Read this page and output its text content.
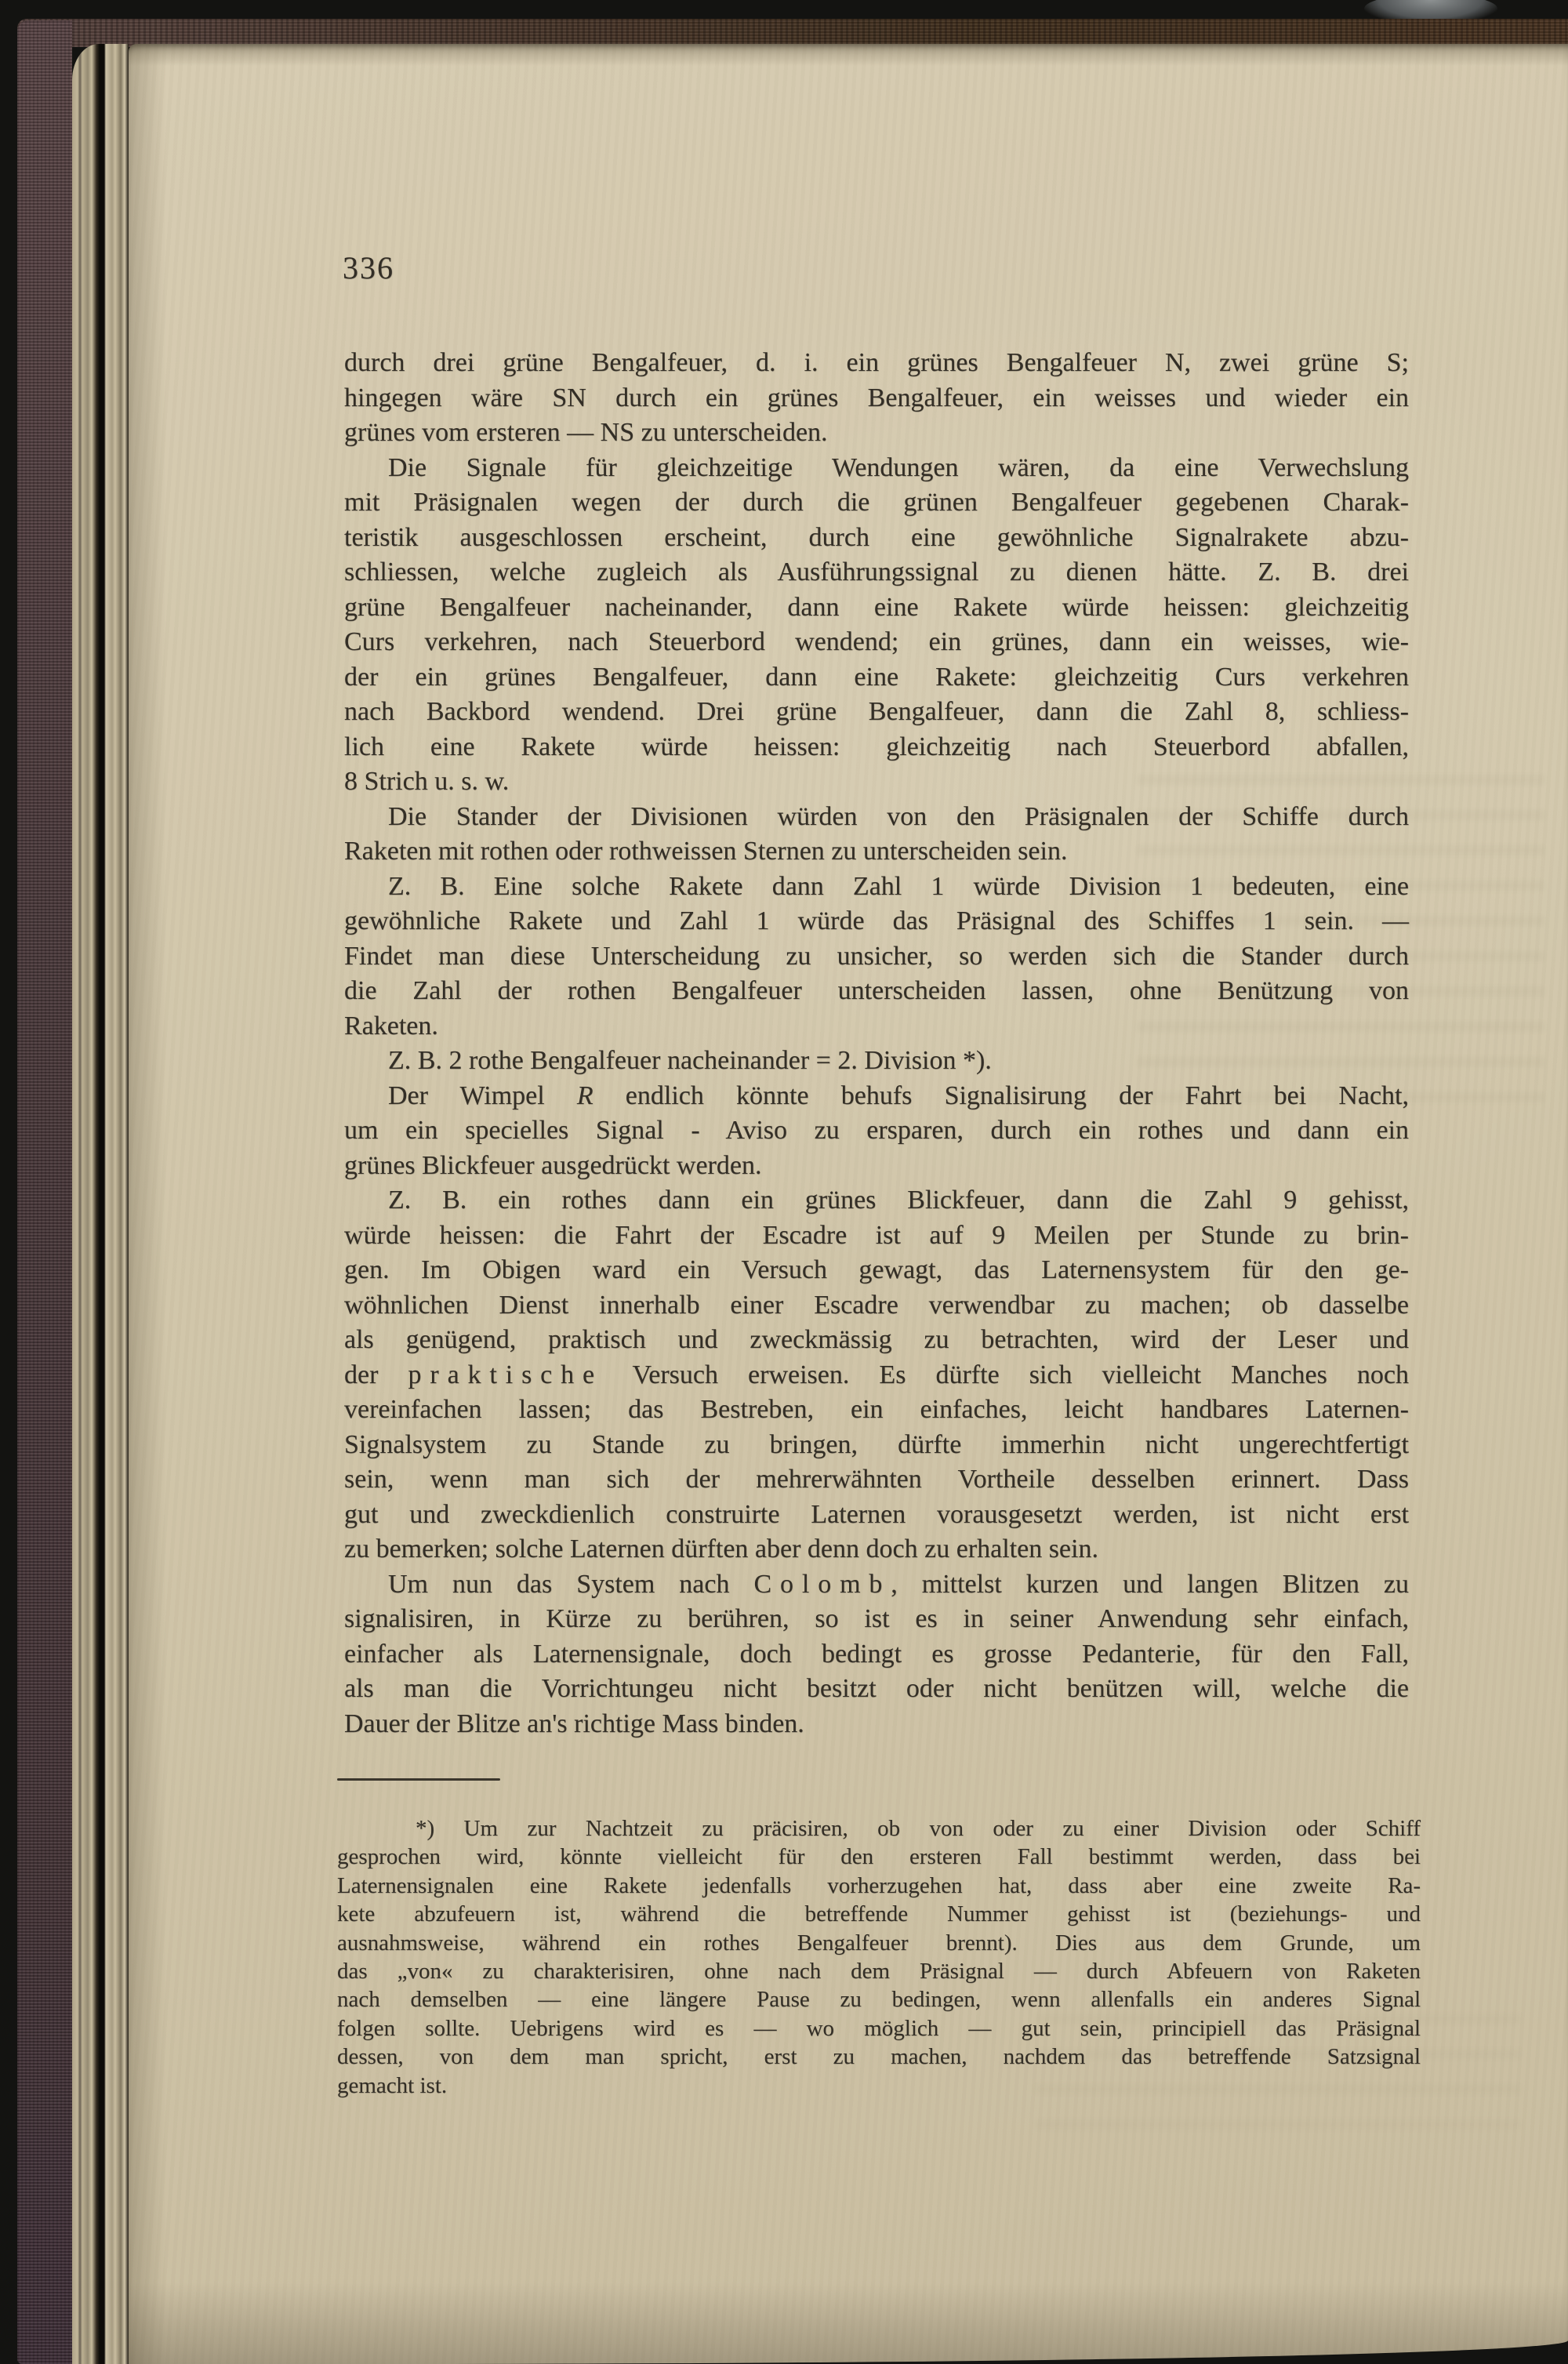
336
durch drei grüne Bengalfeuer, d. i. ein grünes Bengalfeuer N, zwei grüne S;
hingegen wäre SN durch ein grünes Bengalfeuer, ein weisses und wieder ein
grünes vom ersteren — NS zu unterscheiden.
Die Signale für gleichzeitige Wendungen wären, da eine Verwechslung
mit Präsignalen wegen der durch die grünen Bengalfeuer gegebenen Charak-
teristik ausgeschlossen erscheint, durch eine gewöhnliche Signalrakete abzu-
schliessen, welche zugleich als Ausführungssignal zu dienen hätte. Z. B. drei
grüne Bengalfeuer nacheinander, dann eine Rakete würde heissen: gleichzeitig
Curs verkehren, nach Steuerbord wendend; ein grünes, dann ein weisses, wie-
der ein grünes Bengalfeuer, dann eine Rakete: gleichzeitig Curs verkehren
nach Backbord wendend. Drei grüne Bengalfeuer, dann die Zahl 8, schliess-
lich eine Rakete würde heissen: gleichzeitig nach Steuerbord abfallen,
8 Strich u. s. w.
Die Stander der Divisionen würden von den Präsignalen der Schiffe durch
Raketen mit rothen oder rothweissen Sternen zu unterscheiden sein.
Z. B. Eine solche Rakete dann Zahl 1 würde Division 1 bedeuten, eine
gewöhnliche Rakete und Zahl 1 würde das Präsignal des Schiffes 1 sein. —
Findet man diese Unterscheidung zu unsicher, so werden sich die Stander durch
die Zahl der rothen Bengalfeuer unterscheiden lassen, ohne Benützung von
Raketen.
Z. B. 2 rothe Bengalfeuer nacheinander = 2. Division *).
Der Wimpel R endlich könnte behufs Signalisirung der Fahrt bei Nacht,
um ein specielles Signal - Aviso zu ersparen, durch ein rothes und dann ein
grünes Blickfeuer ausgedrückt werden.
Z. B. ein rothes dann ein grünes Blickfeuer, dann die Zahl 9 gehisst,
würde heissen: die Fahrt der Escadre ist auf 9 Meilen per Stunde zu brin-
gen. Im Obigen ward ein Versuch gewagt, das Laternensystem für den ge-
wöhnlichen Dienst innerhalb einer Escadre verwendbar zu machen; ob dasselbe
als genügend, praktisch und zweckmässig zu betrachten, wird der Leser und
der praktische Versuch erweisen. Es dürfte sich vielleicht Manches noch
vereinfachen lassen; das Bestreben, ein einfaches, leicht handbares Laternen-
Signalsystem zu Stande zu bringen, dürfte immerhin nicht ungerechtfertigt
sein, wenn man sich der mehrerwähnten Vortheile desselben erinnert. Dass
gut und zweckdienlich construirte Laternen vorausgesetzt werden, ist nicht erst
zu bemerken; solche Laternen dürften aber denn doch zu erhalten sein.
Um nun das System nach Colomb, mittelst kurzen und langen Blitzen zu
signalisiren, in Kürze zu berühren, so ist es in seiner Anwendung sehr einfach,
einfacher als Laternensignale, doch bedingt es grosse Pedanterie, für den Fall,
als man die Vorrichtungeu nicht besitzt oder nicht benützen will, welche die
Dauer der Blitze an's richtige Mass binden.
*) Um zur Nachtzeit zu präcisiren, ob von oder zu einer Division oder Schiff
gesprochen wird, könnte vielleicht für den ersteren Fall bestimmt werden, dass bei
Laternensignalen eine Rakete jedenfalls vorherzugehen hat, dass aber eine zweite Ra-
kete abzufeuern ist, während die betreffende Nummer gehisst ist (beziehungs- und
ausnahmsweise, während ein rothes Bengalfeuer brennt). Dies aus dem Grunde, um
das „von« zu charakterisiren, ohne nach dem Präsignal — durch Abfeuern von Raketen
nach demselben — eine längere Pause zu bedingen, wenn allenfalls ein anderes Signal
folgen sollte. Uebrigens wird es — wo möglich — gut sein, principiell das Präsignal
dessen, von dem man spricht, erst zu machen, nachdem das betreffende Satzsignal
gemacht ist.
